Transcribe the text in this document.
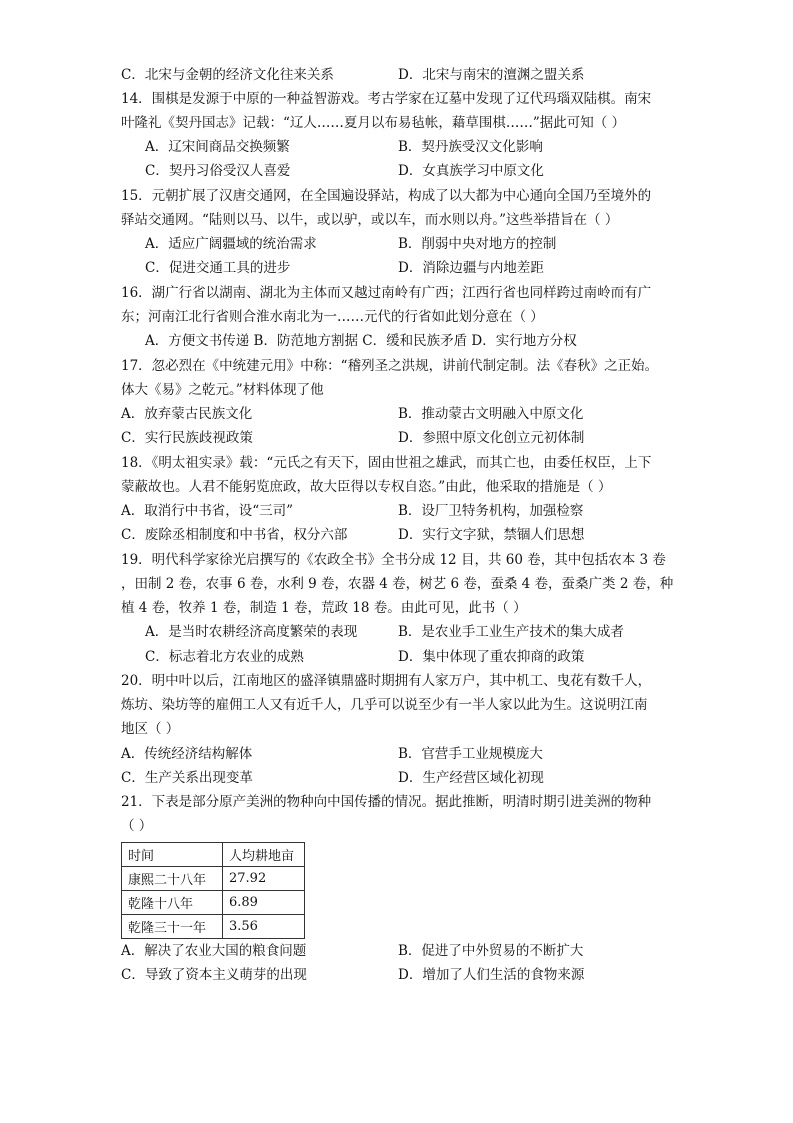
C．北宋与金朝的经济文化往来关系	D．北宋与南宋的澶渊之盟关系
14．围棋是发源于中原的一种益智游戏。考古学家在辽墓中发现了辽代玛瑙双陆棋。南宋
叶隆礼《契丹国志》记载：“辽人……夏月以布易毡帐，藉草围棋……”据此可知（ ）
A．辽宋间商品交换频繁	B．契丹族受汉文化影响
C．契丹习俗受汉人喜爱	D．女真族学习中原文化
15．元朝扩展了汉唐交通网，在全国遍设驿站，构成了以大都为中心通向全国乃至境外的
驿站交通网。“陆则以马、以牛，或以驴，或以车，而水则以舟。”这些举措旨在（ ）
A．适应广阔疆域的统治需求	B．削弱中央对地方的控制
C．促进交通工具的进步	D．消除边疆与内地差距
16．湖广行省以湖南、湖北为主体而又越过南岭有广西；江西行省也同样跨过南岭而有广
东；河南江北行省则合淮水南北为一……元代的行省如此划分意在（ ）
A．方便文书传递 B．防范地方割据 C．缓和民族矛盾 D．实行地方分权
17．忽必烈在《中统建元用》中称：“稽列圣之洪规，讲前代制定制。法《春秋》之正始。
体大《易》之乾元。”材料体现了他
A．放弃蒙古民族文化	B．推动蒙古文明融入中原文化
C．实行民族歧视政策	D．参照中原文化创立元初体制
18．《明太祖实录》载：“元氏之有天下，固由世祖之雄武，而其亡也，由委任权臣，上下
蒙蔽故也。人君不能躬览庶政，故大臣得以专权自恣。”由此，他采取的措施是（ ）
A．取消行中书省，设“三司”	B．设厂卫特务机构，加强检察
C．废除丞相制度和中书省，权分六部	D．实行文字狱，禁锢人们思想
19．明代科学家徐光启撰写的《农政全书》全书分成 12 目，共 60 卷，其中包括农本 3 卷
，田制 2 卷，农事 6 卷，水利 9 卷，农器 4 卷，树艺 6 卷，蚕桑 4 卷，蚕桑广类 2 卷，种
植 4 卷，牧养 1 卷，制造 1 卷，荒政 18 卷。由此可见，此书（ ）
A．是当时农耕经济高度繁荣的表现	B．是农业手工业生产技术的集大成者
C．标志着北方农业的成熟	D．集中体现了重农抑商的政策
20．明中叶以后，江南地区的盛泽镇鼎盛时期拥有人家万户，其中机工、曳花有数千人，
炼坊、染坊等的雇佣工人又有近千人，几乎可以说至少有一半人家以此为生。这说明江南
地区（ ）
A．传统经济结构解体	B．官营手工业规模庞大
C．生产关系出现变革	D．生产经营区域化初现
21．下表是部分原产美洲的物种向中国传播的情况。据此推断，明清时期引进美洲的物种
（ ）
时间	人均耕地亩
康熙二十八年	27.92
乾隆十八年	6.89
乾隆三十一年	3.56
A．解决了农业大国的粮食问题	B．促进了中外贸易的不断扩大
C．导致了资本主义萌芽的出现	D．增加了人们生活的食物来源
